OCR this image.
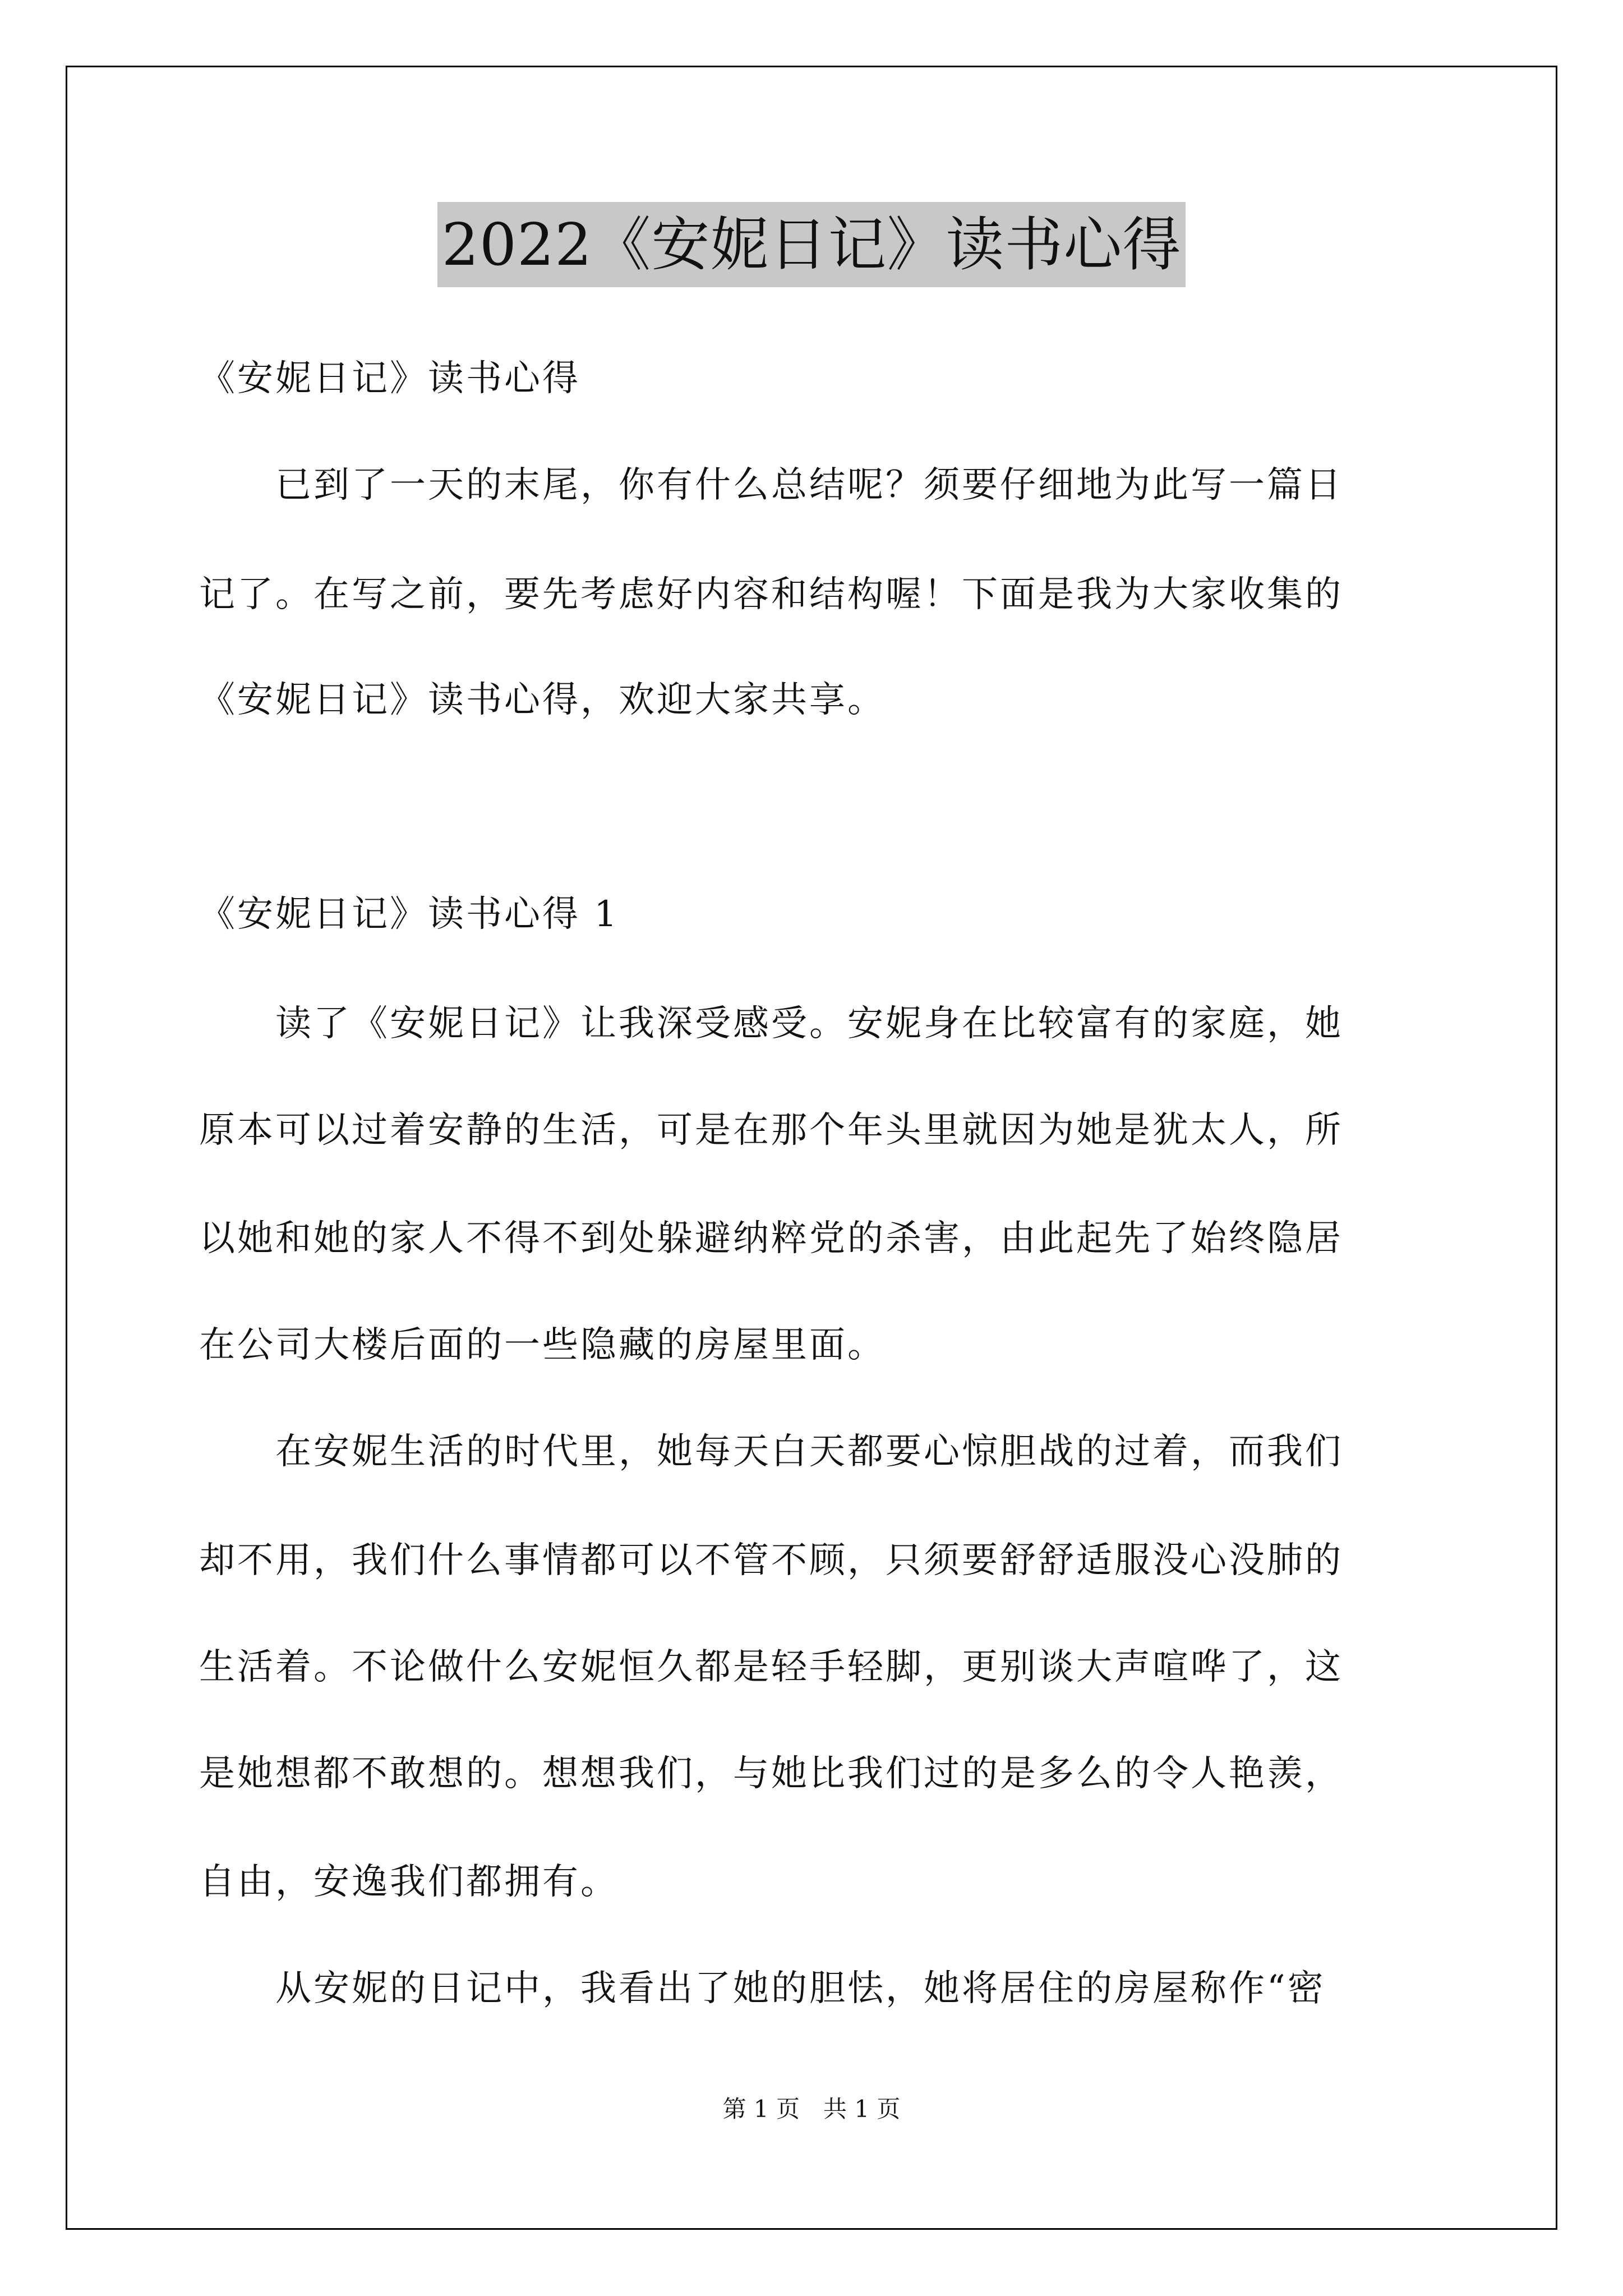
2022《安妮日记》读书心得
《安妮日记》读书心得
　　已到了一天的末尾，你有什么总结呢？须要仔细地为此写一篇日
记了。在写之前，要先考虑好内容和结构喔！下面是我为大家收集的
《安妮日记》读书心得，欢迎大家共享。
《安妮日记》读书心得 1
　　读了《安妮日记》让我深受感受。安妮身在比较富有的家庭，她
原本可以过着安静的生活，可是在那个年头里就因为她是犹太人，所
以她和她的家人不得不到处躲避纳粹党的杀害，由此起先了始终隐居
在公司大楼后面的一些隐藏的房屋里面。
　　在安妮生活的时代里，她每天白天都要心惊胆战的过着，而我们
却不用，我们什么事情都可以不管不顾，只须要舒舒适服没心没肺的
生活着。不论做什么安妮恒久都是轻手轻脚，更别谈大声喧哗了，这
是她想都不敢想的。想想我们，与她比我们过的是多么的令人艳羡，
自由，安逸我们都拥有。
　　从安妮的日记中，我看出了她的胆怯，她将居住的房屋称作“密
第 1 页　共 1 页
